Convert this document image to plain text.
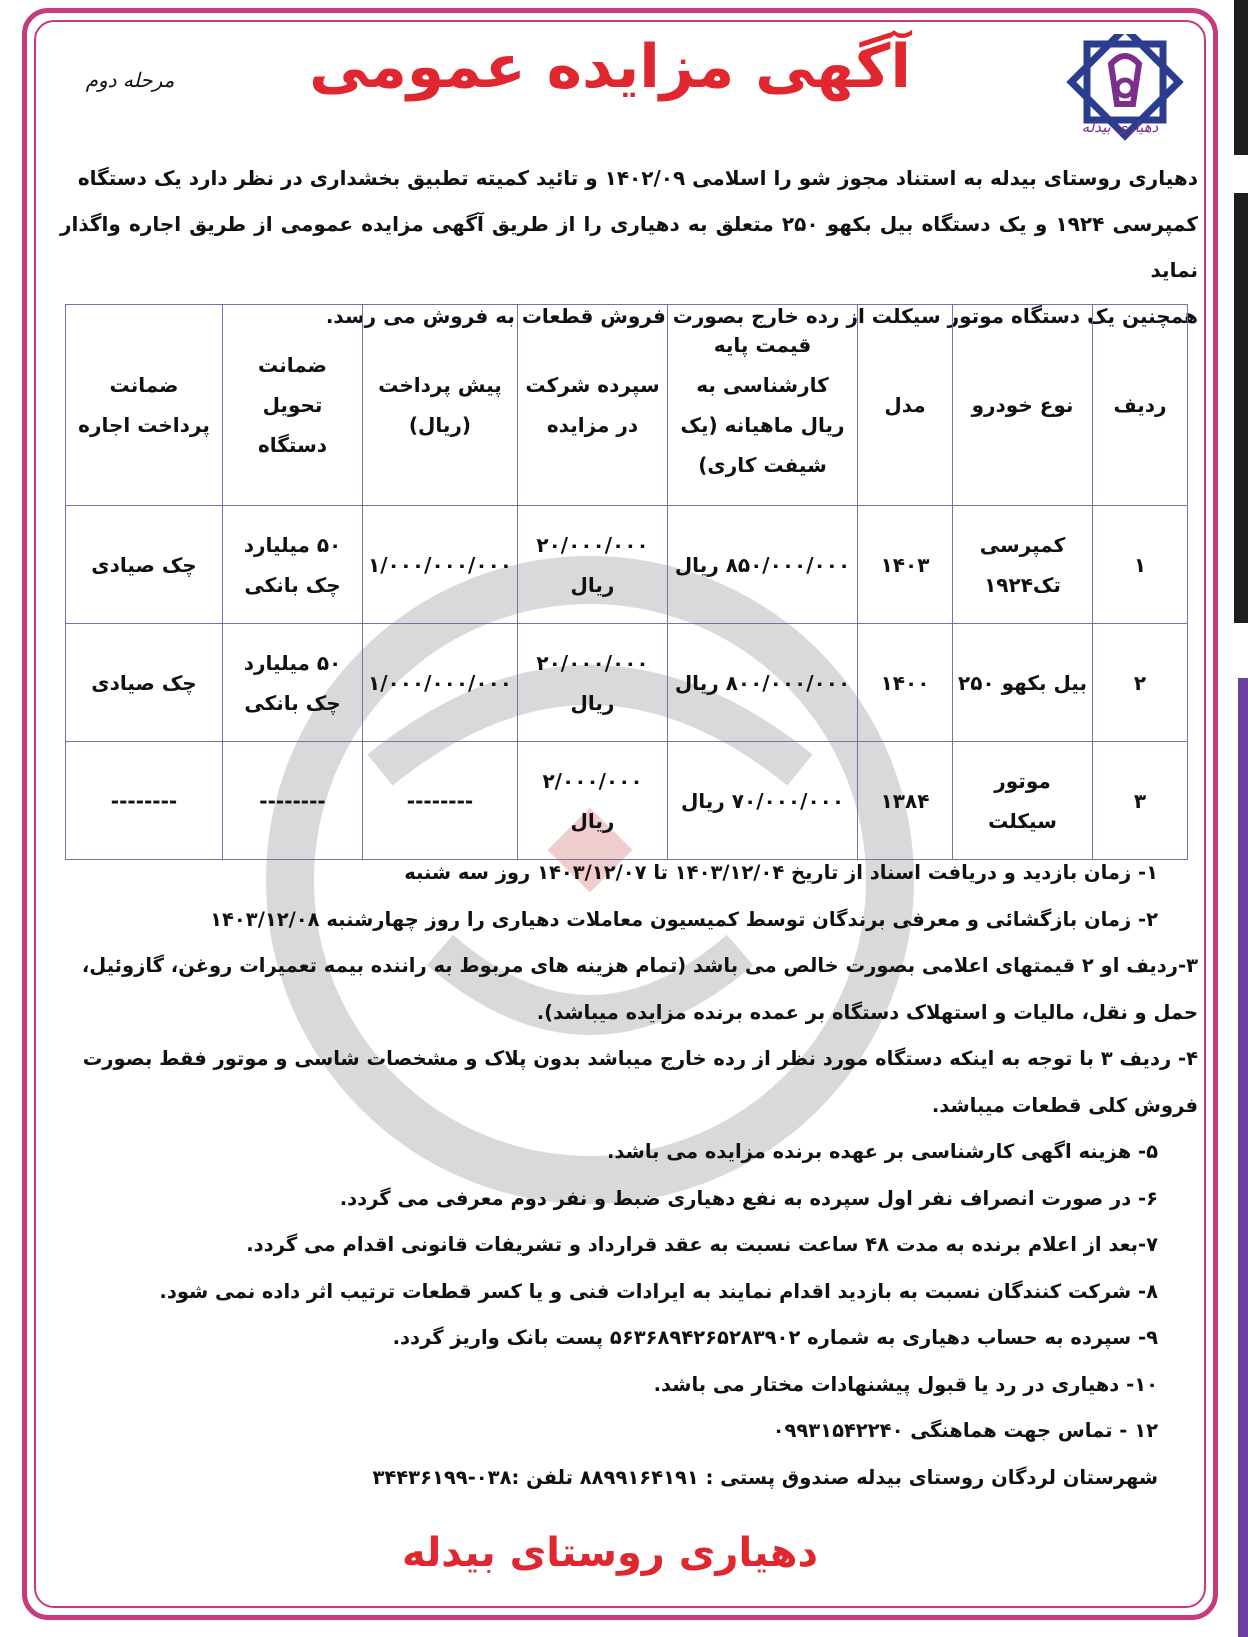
دهیاری بیدله
مرحله دوم آگهی مزایده عمومی
دهیاری روستای بیدله به استناد مجوز شو را اسلامی ۱۴۰۲/۰۹ و تائید کمیته تطبیق بخشداری در نظر دارد یک دستگاه
کمپرسی ۱۹۲۴ و یک دستگاه بیل بکهو ۲۵۰ متعلق به دهیاری را از طریق آگهی مزایده عمومی از طریق اجاره واگذار نماید
همچنین یک دستگاه موتور سیکلت از رده خارج بصورت فروش قطعات به فروش می رسد.
ردیف	نوع خودرو	مدل	قیمت پایه کارشناسی به ریال ماهیانه (یک شیفت کاری)	سپرده شرکت در مزایده	پیش پرداخت (ریال)	ضمانت تحویل دستگاه	ضمانت پرداخت اجاره
۱	کمپرسی تک۱۹۲۴	۱۴۰۳	۸۵۰/۰۰۰/۰۰۰ ریال	۲۰/۰۰۰/۰۰۰ ریال	۱/۰۰۰/۰۰۰/۰۰۰	۵۰ میلیارد چک بانکی	چک صیادی
۲	بیل بکهو ۲۵۰	۱۴۰۰	۸۰۰/۰۰۰/۰۰۰ ریال	۲۰/۰۰۰/۰۰۰ ریال	۱/۰۰۰/۰۰۰/۰۰۰	۵۰ میلیارد چک بانکی	چک صیادی
۳	موتور سیکلت	۱۳۸۴	۷۰/۰۰۰/۰۰۰ ریال	۲/۰۰۰/۰۰۰ ریال	--------	--------	--------
۱- زمان بازدید و دریافت اسناد از تاریخ ۱۴۰۳/۱۲/۰۴ تا ۱۴۰۳/۱۲/۰۷ روز سه شنبه
۲- زمان بازگشائی و معرفی برندگان توسط کمیسیون معاملات دهیاری را روز چهارشنبه ۱۴۰۳/۱۲/۰۸
۳-ردیف او ۲ قیمتهای اعلامی بصورت خالص می باشد (تمام هزینه های مربوط به راننده بیمه تعمیرات روغن، گازوئیل،
حمل و نقل، مالیات و استهلاک دستگاه بر عمده برنده مزایده میباشد).
۴- ردیف ۳ با توجه به اینکه دستگاه مورد نظر از رده خارج میباشد بدون پلاک و مشخصات شاسی و موتور فقط بصورت
فروش کلی قطعات میباشد.
۵- هزینه اگهی کارشناسی بر عهده برنده مزایده می باشد.
۶- در صورت انصراف نفر اول سپرده به نفع دهیاری ضبط و نفر دوم معرفی می گردد.
۷-بعد از اعلام برنده به مدت ۴۸ ساعت نسبت به عقد قرارداد و تشریفات قانونی اقدام می گردد.
۸- شرکت کنندگان نسبت به بازدید اقدام نمایند به ایرادات فنی و یا کسر قطعات ترتیب اثر داده نمی شود.
۹- سپرده به حساب دهیاری به شماره ۵۶۳۶۸۹۴۲۶۵۲۸۳۹۰۲ پست بانک واریز گردد.
۱۰- دهیاری در رد یا قبول پیشنهادات مختار می باشد.
۱۲ - تماس جهت هماهنگی ۰۹۹۳۱۵۴۲۲۴۰
شهرستان لردگان روستای بیدله صندوق پستی : ۸۸۹۹۱۶۴۱۹۱ تلفن :۰۳۸-۳۴۴۳۶۱۹۹
دهیاری روستای بیدله
